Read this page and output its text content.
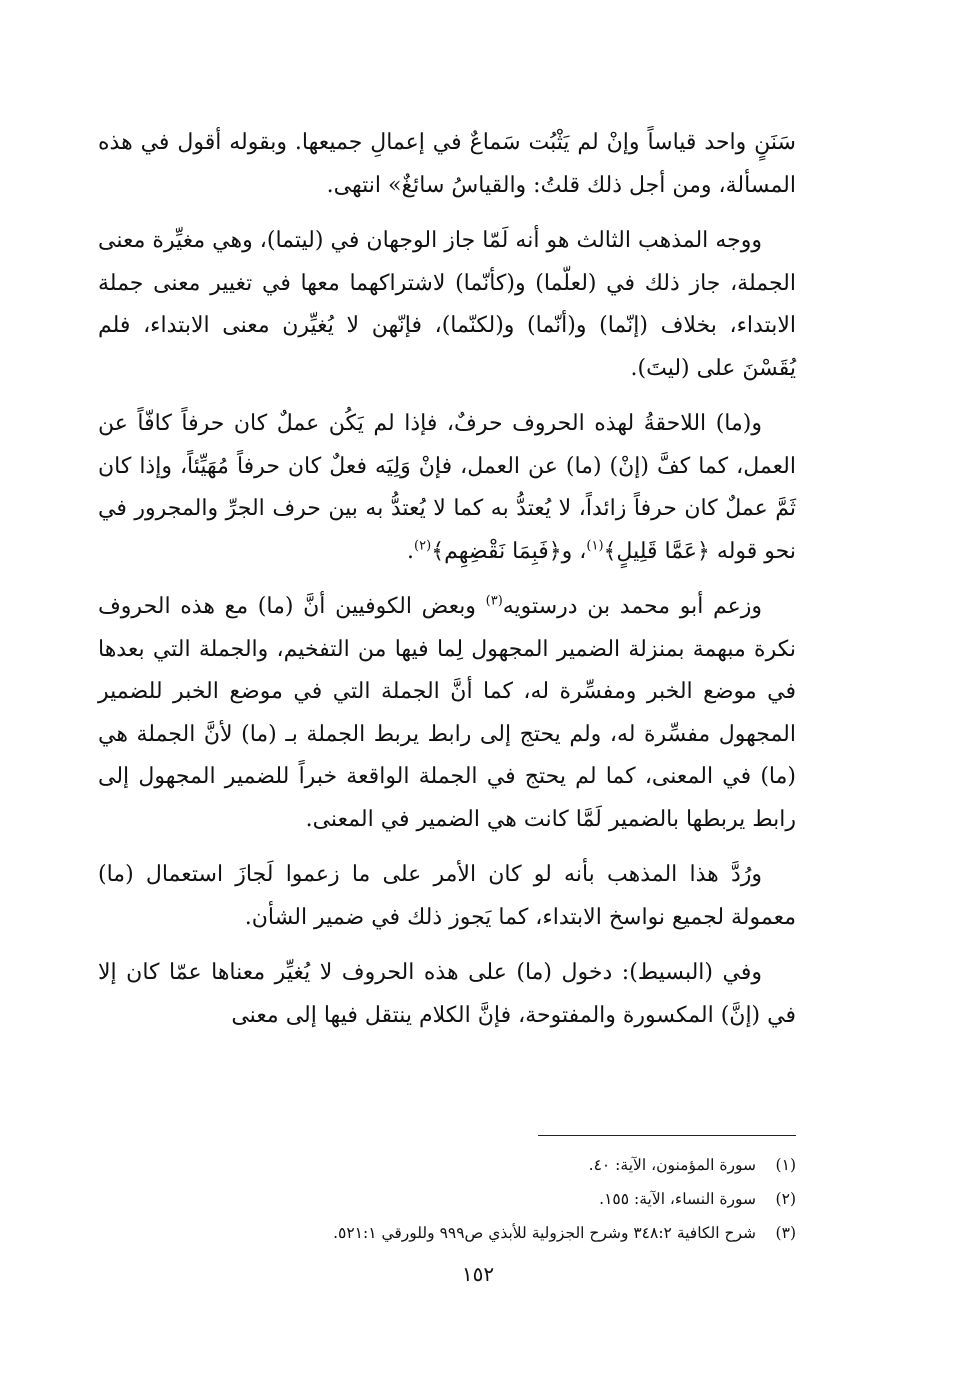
سَنَنٍ واحد قياساً وإنْ لم يَثْبُت سَماعٌ في إعمالِ جميعها. وبقوله أقول في هذه المسألة، ومن أجل ذلك قلتُ: والقياسُ سائغٌ» انتهى.

ووجه المذهب الثالث هو أنه لَمّا جاز الوجهان في (ليتما)، وهي مغيِّرة معنى الجملة، جاز ذلك في (لعلّما) و(كأنّما) لاشتراكهما معها في تغيير معنى جملة الابتداء، بخلاف (إنّما) و(أنّما) و(لكنّما)، فإنّهن لا يُغيِّرن معنى الابتداء، فلم يُقَسْنَ على (ليتَ).

و(ما) اللاحقةُ لهذه الحروف حرفٌ، فإذا لم يَكُن عملٌ كان حرفاً كافّاً عن العمل، كما كفَّ (إنْ) (ما) عن العمل، فإنْ وَلِيَه فعلٌ كان حرفاً مُهَيِّئاً، وإذا كان ثَمَّ عملٌ كان حرفاً زائداً، لا يُعتدُّ به كما لا يُعتدُّ به بين حرف الجرِّ والمجرور في نحو قوله ﴿عَمَّا قَلِيلٍ﴾$^{(١)}$، و﴿فَبِمَا نَقْضِهِم﴾$^{(٢)}$.

وزعم أبو محمد بن درستويه$^{(٣)}$ وبعض الكوفيين أنَّ (ما) مع هذه الحروف نكرة مبهمة بمنزلة الضمير المجهول لِما فيها من التفخيم، والجملة التي بعدها في موضع الخبر ومفسِّرة له، كما أنَّ الجملة التي في موضع الخبر للضمير المجهول مفسِّرة له، ولم يحتج إلى رابط يربط الجملة بـ (ما) لأنَّ الجملة هي (ما) في المعنى، كما لم يحتج في الجملة الواقعة خبراً للضمير المجهول إلى رابط يربطها بالضمير لَمَّا كانت هي الضمير في المعنى.

ورُدَّ هذا المذهب بأنه لو كان الأمر على ما زعموا لَجازَ استعمال (ما) معمولة لجميع نواسخ الابتداء، كما يَجوز ذلك في ضمير الشأن.

وفي (البسيط): دخول (ما) على هذه الحروف لا يُغيِّر معناها عمّا كان إلا في (إنَّ) المكسورة والمفتوحة، فإنَّ الكلام ينتقل فيها إلى معنى

(١)
سورة المؤمنون، الآية: ٤٠.
(٢)
سورة النساء، الآية: ١٥٥.
(٣)
شرح الكافية ٣٤٨:٢ وشرح الجزولية للأبذي ص٩٩٩ وللورقي ٥٢١:١.
١٥٢
